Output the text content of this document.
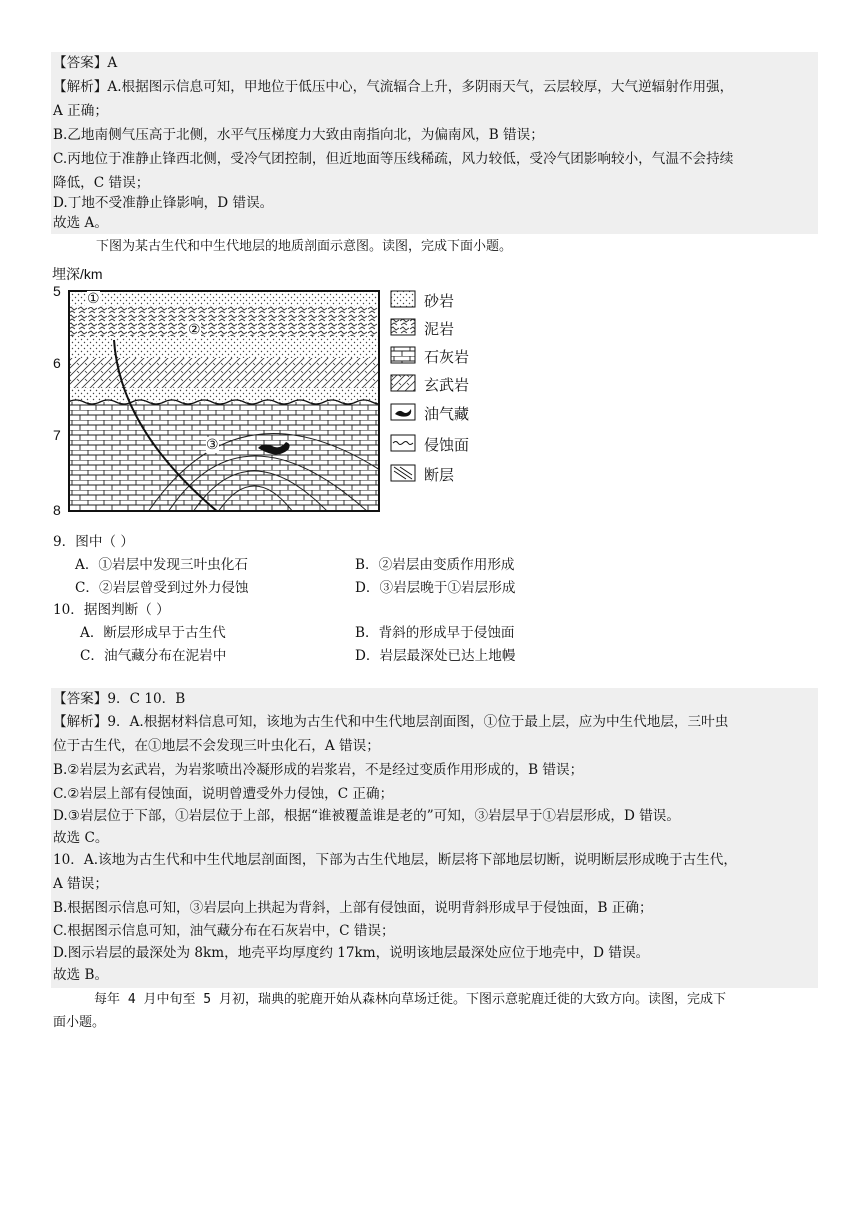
【答案】A
【解析】A.根据图示信息可知，甲地位于低压中心，气流辐合上升，多阴雨天气，云层较厚，大气逆辐射作用强，
A 正确；
B.乙地南侧气压高于北侧，水平气压梯度力大致由南指向北，为偏南风，B 错误；
C.丙地位于准静止锋西北侧，受冷气团控制，但近地面等压线稀疏，风力较低，受冷气团影响较小，气温不会持续
降低，C 错误；
D.丁地不受准静止锋影响，D 错误。
故选 A。
下图为某古生代和中生代地层的地质剖面示意图。读图，完成下面小题。
埋深/km
5
6
7
8
①
②
③
砂岩
泥岩
石灰岩
玄武岩
油气藏
侵蚀面
断层
9．图中（ ）
A．①岩层中发现三叶虫化石	B．②岩层由变质作用形成
C．②岩层曾受到过外力侵蚀	D．③岩层晚于①岩层形成
10．据图判断（ ）
A．断层形成早于古生代	B．背斜的形成早于侵蚀面
C．油气藏分布在泥岩中	D．岩层最深处已达上地幔
【答案】9．C 10．B
【解析】9．A.根据材料信息可知，该地为古生代和中生代地层剖面图，①位于最上层，应为中生代地层，三叶虫
位于古生代，在①地层不会发现三叶虫化石，A 错误；
B.②岩层为玄武岩，为岩浆喷出冷凝形成的岩浆岩，不是经过变质作用形成的，B 错误；
C.②岩层上部有侵蚀面，说明曾遭受外力侵蚀，C 正确；
D.③岩层位于下部，①岩层位于上部，根据“谁被覆盖谁是老的”可知，③岩层早于①岩层形成，D 错误。
故选 C。
10．A.该地为古生代和中生代地层剖面图，下部为古生代地层，断层将下部地层切断，说明断层形成晚于古生代，
A 错误；
B.根据图示信息可知，③岩层向上拱起为背斜，上部有侵蚀面，说明背斜形成早于侵蚀面，B 正确；
C.根据图示信息可知，油气藏分布在石灰岩中，C 错误；
D.图示岩层的最深处为 8km，地壳平均厚度约 17km，说明该地层最深处应位于地壳中，D 错误。
故选 B。
每年 4 月中旬至 5 月初，瑞典的驼鹿开始从森林向草场迁徙。下图示意驼鹿迁徙的大致方向。读图，完成下
面小题。
